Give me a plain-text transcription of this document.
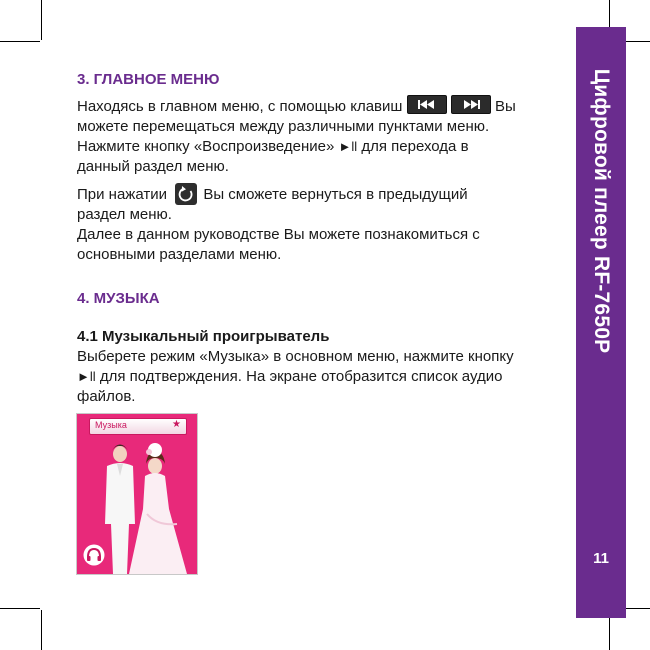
Цифровой плеер RF-7650P
11
3. ГЛАВНОЕ МЕНЮ

Находясь в главном меню, с помощью клавиш
	Вы
можете перемещаться между различными пунктами меню.
Нажмите кнопку «Воспроизведение» ►ll для перехода в
данный раздел меню.

При нажатии Вы сможете вернуться в предыдущий
раздел меню.
Далее в данном руководстве Вы можете познакомиться с
основными разделами меню.

4. МУЗЫКА
4.1 Музыкальный проигрыватель

Выберете режим «Музыка» в основном меню, нажмите кнопку
►ll для подтверждения. На экране отобразится список аудио
файлов.

Музыка	★
